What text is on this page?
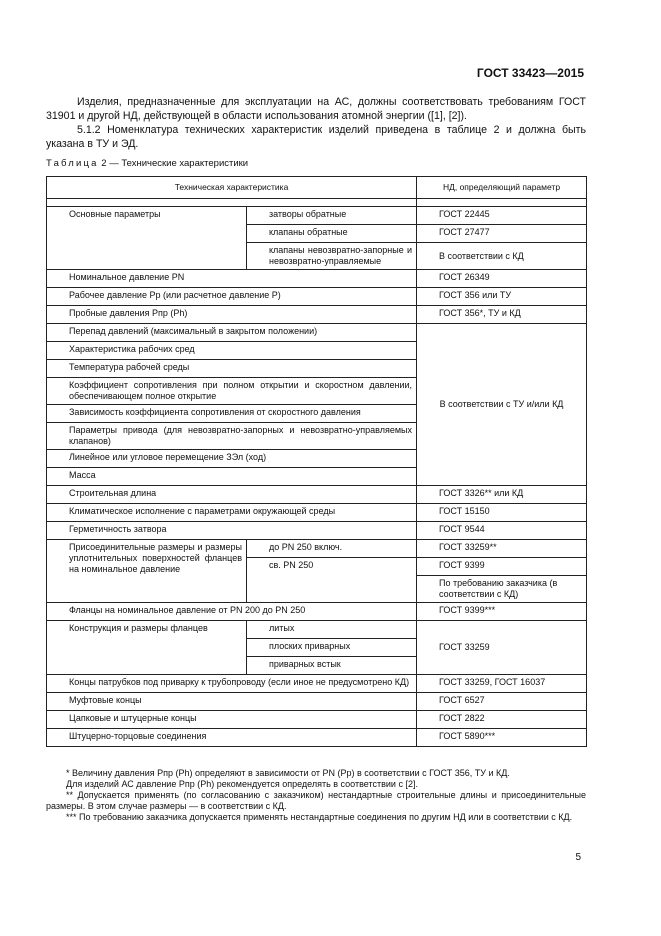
ГОСТ 33423—2015
Изделия, предназначенные для эксплуатации на АС, должны соответствовать требованиям ГОСТ 31901 и другой НД, действующей в области использования атомной энергии ([1], [2]).
5.1.2 Номенклатура технических характеристик изделий приведена в таблице 2 и должна быть указана в ТУ и ЭД.
Таблица 2 — Технические характеристики
Техническая характеристика		НД, определяющий параметр

Основные параметры	затворы обратные	ГОСТ 22445
	клапаны обратные	ГОСТ 27477
	клапаны невозвратно-запорные и невозвратно-управляемые	В соответствии с КД
Номинальное давление PN		ГОСТ 26349
Рабочее давление Pр (или расчетное давление P)		ГОСТ 356 или ТУ
Пробные давления Pпр (Ph)		ГОСТ 356*, ТУ и КД
Перепад давлений (максимальный в закрытом положении)		В соответствии с ТУ и/или КД
Характеристика рабочих сред		
Температура рабочей среды		
Коэффициент сопротивления при полном открытии и скоростном давлении, обеспечивающем полное открытие		
Зависимость коэффициента сопротивления от скоростного давления		
Параметры привода (для невозвратно-запорных и невозвратно-управляемых клапанов)		
Линейное или угловое перемещение ЗЭл (ход)		
Масса		
Строительная длина		ГОСТ 3326** или КД
Климатическое исполнение с параметрами окружающей среды		ГОСТ 15150
Герметичность затвора		ГОСТ 9544
Присоединительные размеры и размеры уплотнительных поверхностей фланцев на номинальное давление	до PN 250 включ.	ГОСТ 33259**
	св. PN 250	ГОСТ 9399
		По требованию заказчика (в соответствии с КД)
Фланцы на номинальное давление от PN 200 до PN 250		ГОСТ 9399***
Конструкция и размеры фланцев	литых	ГОСТ 33259
	плоских приварных	
	приварных встык	
Концы патрубков под приварку к трубопроводу (если иное не предусмотрено КД)		ГОСТ 33259, ГОСТ 16037
Муфтовые концы		ГОСТ 6527
Цапковые и штуцерные концы		ГОСТ 2822
Штуцерно-торцовые соединения		ГОСТ 5890***
* Величину давления Pпр (Ph) определяют в зависимости от PN (Pр) в соответствии с ГОСТ 356, ТУ и КД.
Для изделий АС давление Pпр (Ph) рекомендуется определять в соответствии с [2].
** Допускается применять (по согласованию с заказчиком) нестандартные строительные длины и присоединительные размеры. В этом случае размеры — в соответствии с КД.
*** По требованию заказчика допускается применять нестандартные соединения по другим НД или в соответствии с КД.
5
